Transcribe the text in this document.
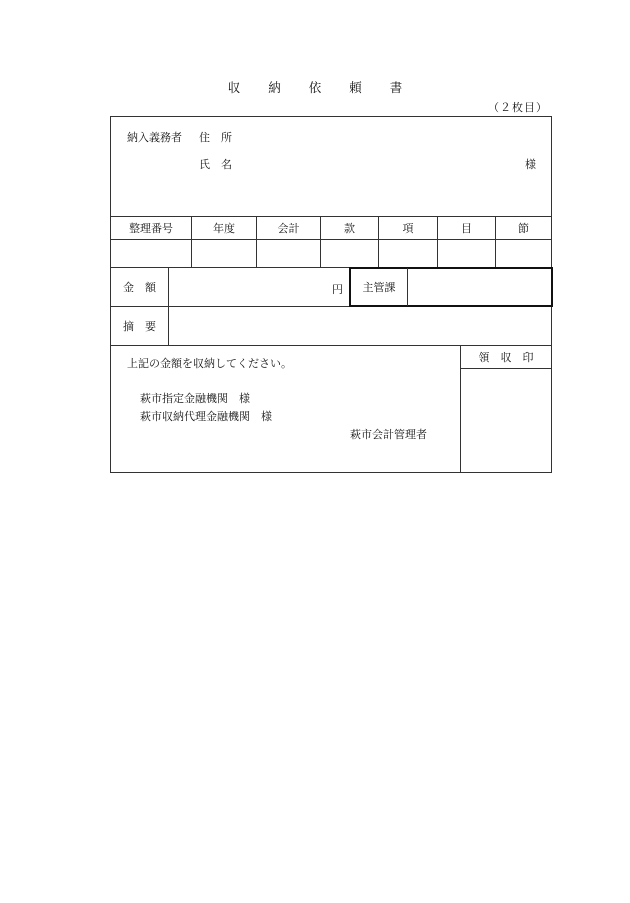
収納依頼書
（２枚目）
納入義務者 住　所
氏　名	様
整理番号	年度	会計	款	項	目	節
金　額	円	主管課
摘　要
上記の金額を収納してください。
萩市指定金融機関　様
萩市収納代理金融機関　様
萩市会計管理者
領　収　印
